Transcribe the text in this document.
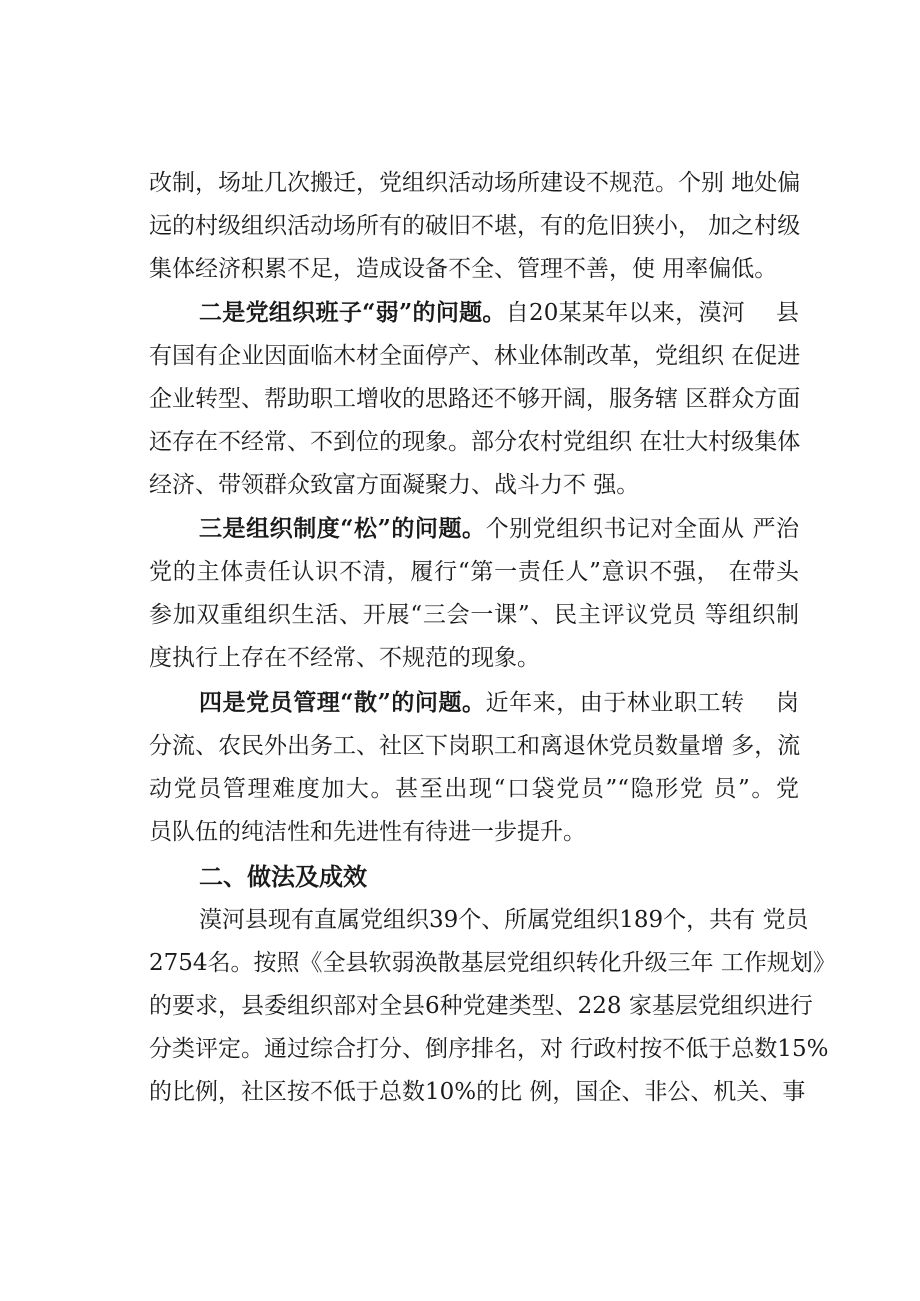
改制，场址几次搬迁，党组织活动场所建设不规范。个别 地处偏
远的村级组织活动场所有的破旧不堪，有的危旧狭小， 加之村级
集体经济积累不足，造成设备不全、管理不善，使 用率偏低。
二是党组织班子“弱”的问题。自20某某年以来，漠河　 县
有国有企业因面临木材全面停产、林业体制改革，党组织 在促进
企业转型、帮助职工增收的思路还不够开阔，服务辖 区群众方面
还存在不经常、不到位的现象。部分农村党组织 在壮大村级集体
经济、带领群众致富方面凝聚力、战斗力不 强。
三是组织制度“松”的问题。个别党组织书记对全面从 严治
党的主体责任认识不清，履行“第一责任人”意识不强， 在带头
参加双重组织生活、开展“三会一课”、民主评议党员 等组织制
度执行上存在不经常、不规范的现象。
四是党员管理“散”的问题。近年来，由于林业职工转　 岗
分流、农民外出务工、社区下岗职工和离退休党员数量增 多，流
动党员管理难度加大。甚至出现“口袋党员”“隐形党 员”。党
员队伍的纯洁性和先进性有待进一步提升。
二、做法及成效
漠河县现有直属党组织39个、所属党组织189个，共有 党员
2754名。按照《全县软弱涣散基层党组织转化升级三年 工作规划》
的要求，县委组织部对全县6种党建类型、228 家基层党组织进行
分类评定。通过综合打分、倒序排名，对 行政村按不低于总数15%
的比例，社区按不低于总数10%的比 例，国企、非公、机关、事
